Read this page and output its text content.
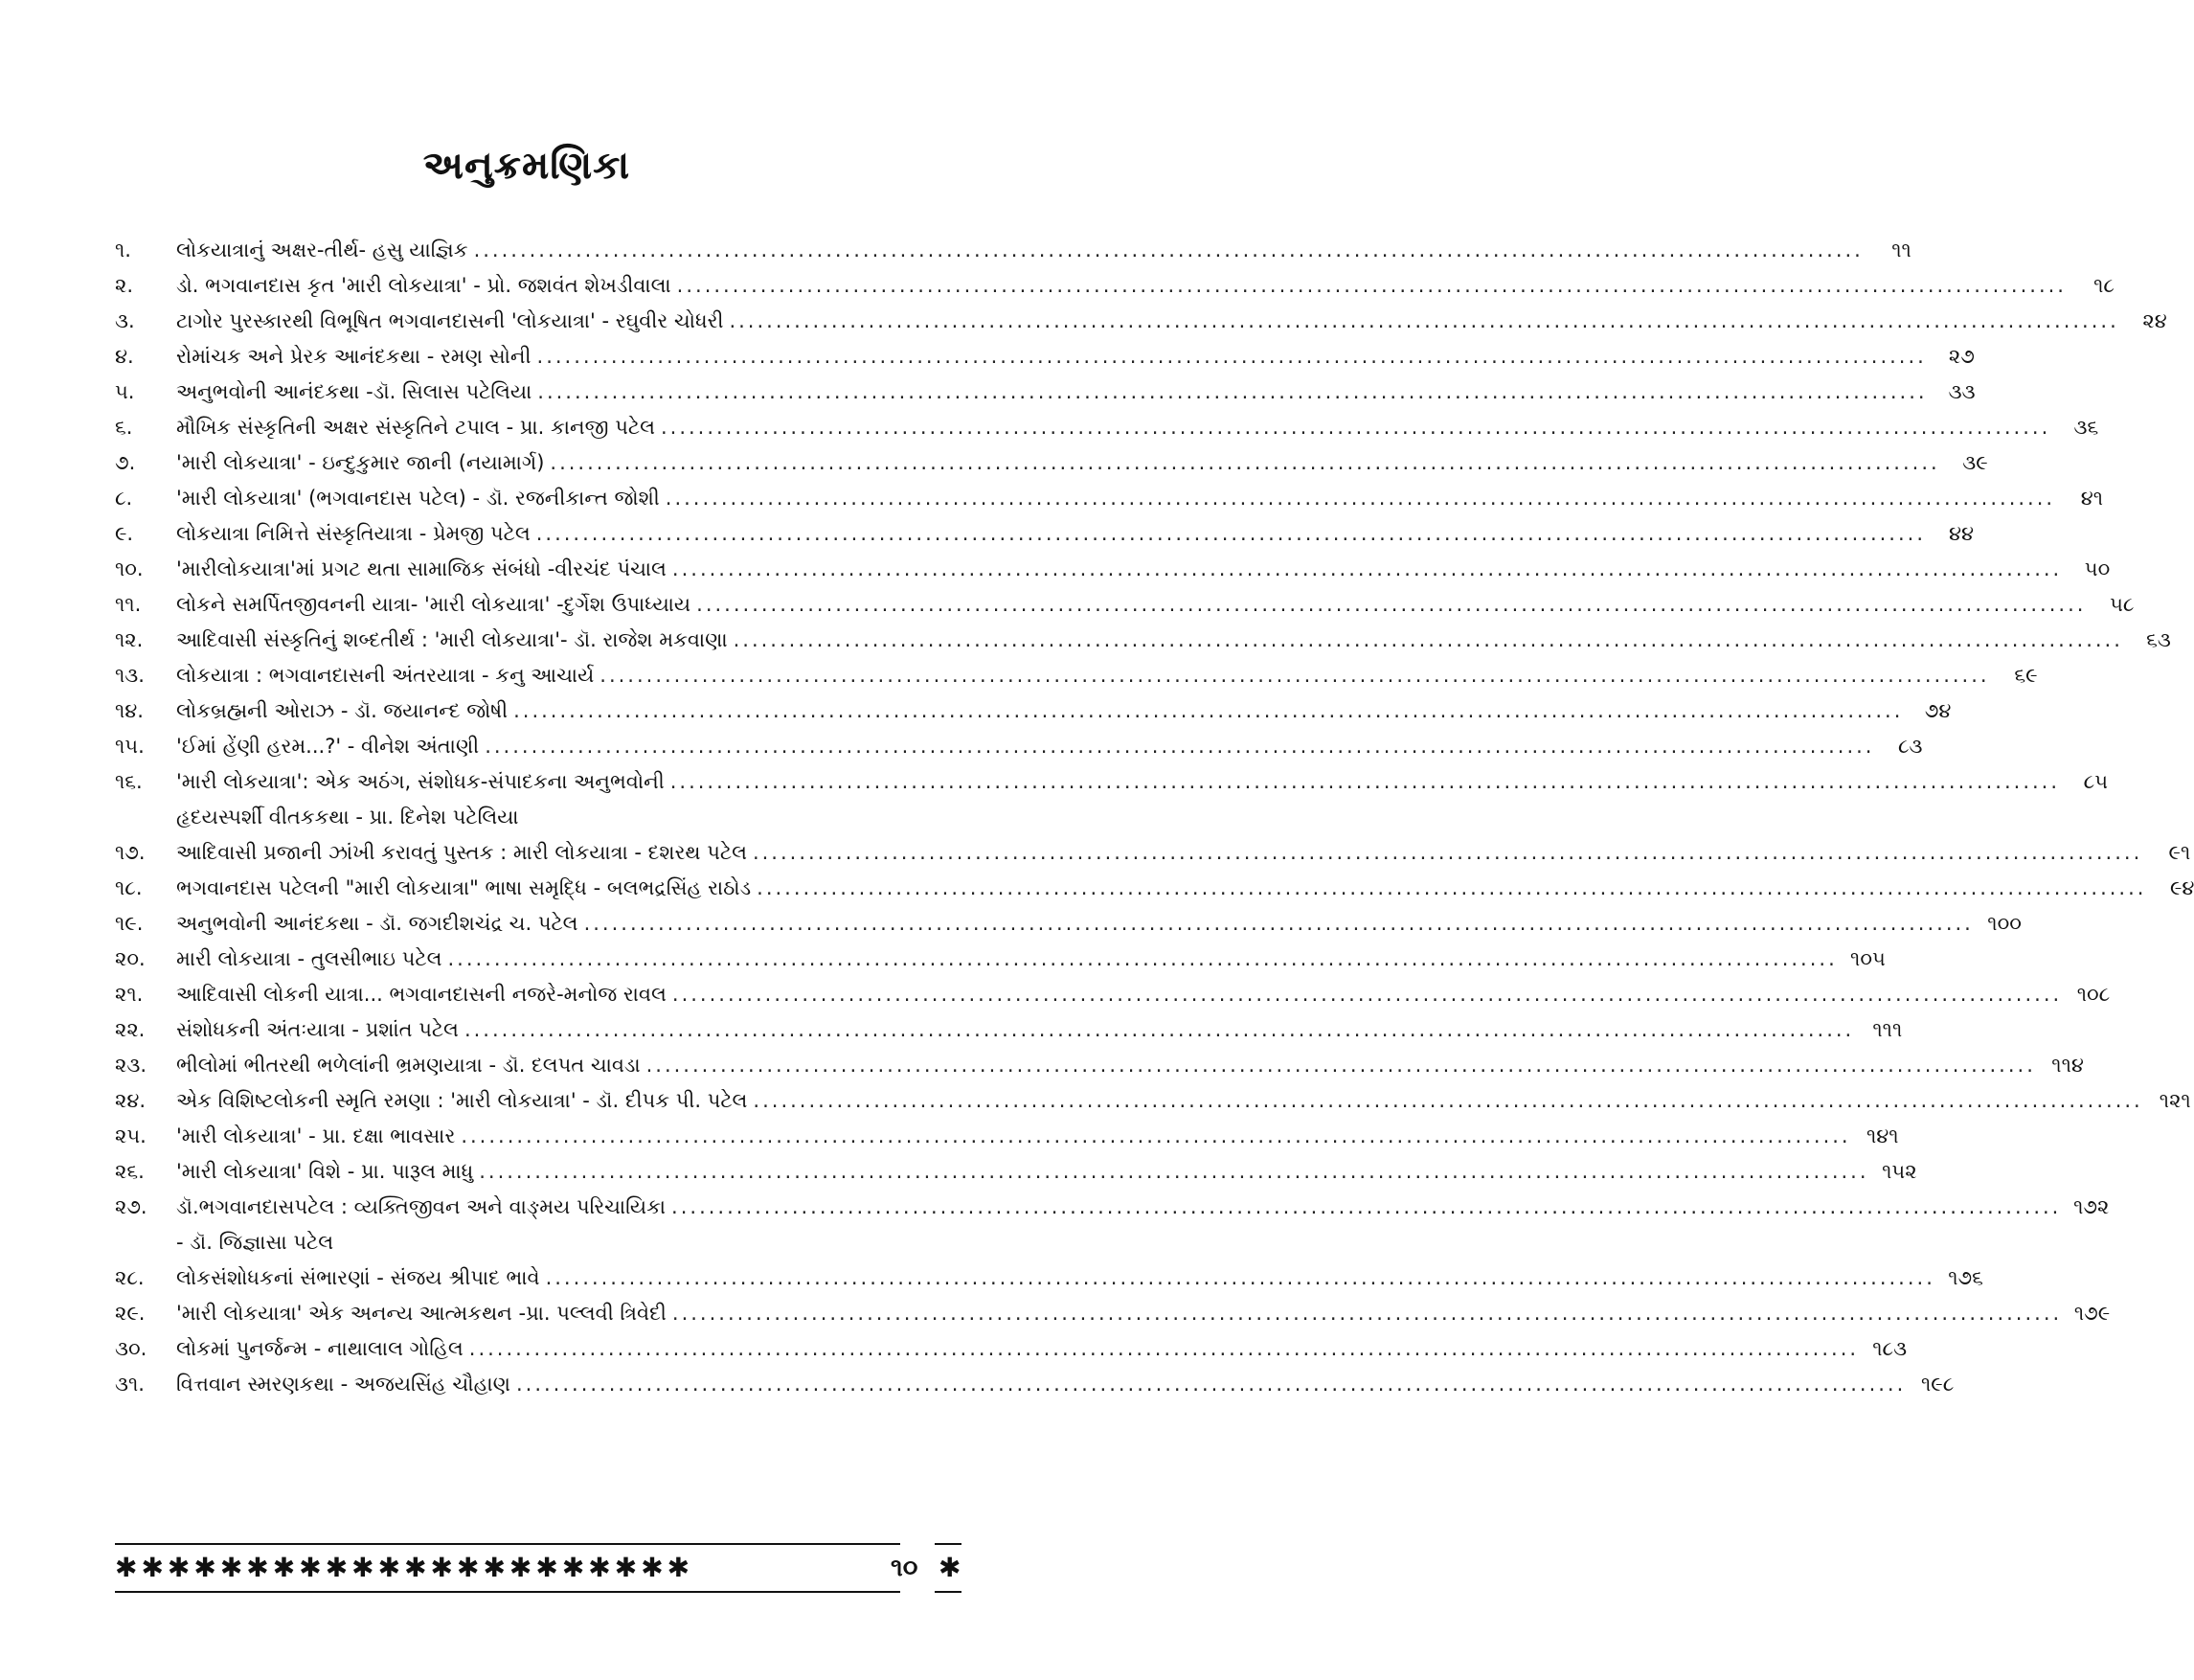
અનુક્રમણિકા
૧.	લોકયાત્રાનું અક્ષર-તીર્થ- હસુ યાજ્ઞિક .....	૧૧
૨.	ડો. ભગવાનદાસ કૃત 'મારી લોકયાત્રા' - પ્રો. જશવંત શેખડીવાલા .....	૧૮
૩.	ટાગોર પુરસ્કારથી વિભૂષિત ભગવાનદાસની 'લોકયાત્રા' - રઘુવીર ચોધરી .....	૨૪
૪.	રોમાંચક અને પ્રેરક આનંદકથા - રમણ સોની .....	૨૭
૫.	અનુભવોની આનંદકથા -ડૉ. સિલાસ પટેલિયા .....	૩૩
૬.	મૌખિક સંસ્કૃતિની અક્ષર સંસ્કૃતિને ટપાલ - પ્રા. કાનજી પટેલ .....	૩૬
૭.	'મારી લોકયાત્રા' - ઇન્દુકુમાર જાની (નયામાર્ગ) .....	૩૯
૮.	'મારી લોકયાત્રા' (ભગવાનદાસ પટેલ) - ડૉ. રજનીકાન્ત જોશી .....	૪૧
૯.	લોકયાત્રા નિમિત્તે સંસ્કૃતિયાત્રા - પ્રેમજી પટેલ .....	૪૪
૧૦.	'મારીલોકયાત્રા'માં પ્રગટ થતા સામાજિક સંબંધો -વીરચંદ પંચાલ .....	૫૦
૧૧.	લોકને સમર્પિતજીવનની યાત્રા- 'મારી લોકયાત્રા' -દુર્ગેશ ઉપાધ્યાય .....	૫૮
૧૨.	આદિવાસી સંસ્કૃતિનું શબ્દતીર્થ : 'મારી લોકયાત્રા'- ડૉ. રાજેશ મકવાણા .....	૬૩
૧૩.	લોકયાત્રા : ભગવાનદાસની અંતરયાત્રા - કનુ આચાર્ય .....	૬૯
૧૪.	લોકબ્રહ્મની ઓરાઝ - ડૉ. જયાનન્દ જોષી .....	૭૪
૧૫.	'ઈમાં હેંણી હરમ...?' - વીનેશ અંતાણી .....	૮૩
૧૬.	'મારી લોકયાત્રા': એક અઠંગ, સંશોધક-સંપાદકના અનુભવોની .....	૮૫
હૃદયસ્પર્શી વીતકકથા - પ્રા. દિનેશ પટેલિયા
૧૭.	આદિવાસી પ્રજાની ઝાંખી કરાવતું પુસ્તક : મારી લોકયાત્રા - દશરથ પટેલ .....	૯૧
૧૮.	ભગવાનદાસ પટેલની "મારી લોકયાત્રા" ભાષા સમૃદ્ધિ - બલભદ્રસિંહ રાઠોડ .....	૯૪
૧૯.	અનુભવોની આનંદકથા - ડૉ. જગદીશચંદ્ર ચ. પટેલ .....	૧૦૦
૨૦.	મારી લોકયાત્રા - તુલસીભાઇ પટેલ .....	૧૦૫
૨૧.	આદિવાસી લોકની યાત્રા... ભગવાનદાસની નજરે-મનોજ રાવલ .....	૧૦૮
૨૨.	સંશોધકની અંતઃયાત્રા - પ્રશાંત પટેલ .....	૧૧૧
૨૩.	ભીલોમાં ભીતરથી ભળેલાંની ભ્રમણયાત્રા - ડૉ. દલપત ચાવડા .....	૧૧૪
૨૪.	એક વિશિષ્ટલોકની સ્મૃતિ રમણા : 'મારી લોકયાત્રા' - ડૉ. દીપક પી. પટેલ .....	૧૨૧
૨૫.	'મારી લોકયાત્રા' - પ્રા. દક્ષા ભાવસાર .....	૧૪૧
૨૬.	'મારી લોકયાત્રા' વિશે - પ્રા. પારૂલ માધુ .....	૧૫૨
૨૭.	ડૉ.ભગવાનદાસપટેલ : વ્યક્તિજીવન અને વાઙ્મય પરિચાયિકા .....	૧૭૨
- ડૉ. જિજ્ઞાસા પટેલ
૨૮.	લોકસંશોધકનાં સંભારણાં - સંજય શ્રીપાદ ભાવે .....	૧૭૬
૨૯.	'મારી લોકયાત્રા' એક અનન્ય આત્મકથન -પ્રા. પલ્લવી ત્રિવેદી .....	૧૭૯
૩૦.	લોકમાં પુનર્જન્મ - નાથાલાલ ગોહિલ .....	૧૮૩
૩૧.	વિત્તવાન સ્મરણકથા - અજયસિંહ ચૌહાણ .....	૧૯૮
✱✱✱✱✱✱✱✱✱✱✱✱✱✱✱✱✱✱✱✱✱✱	૧૦ ✱
